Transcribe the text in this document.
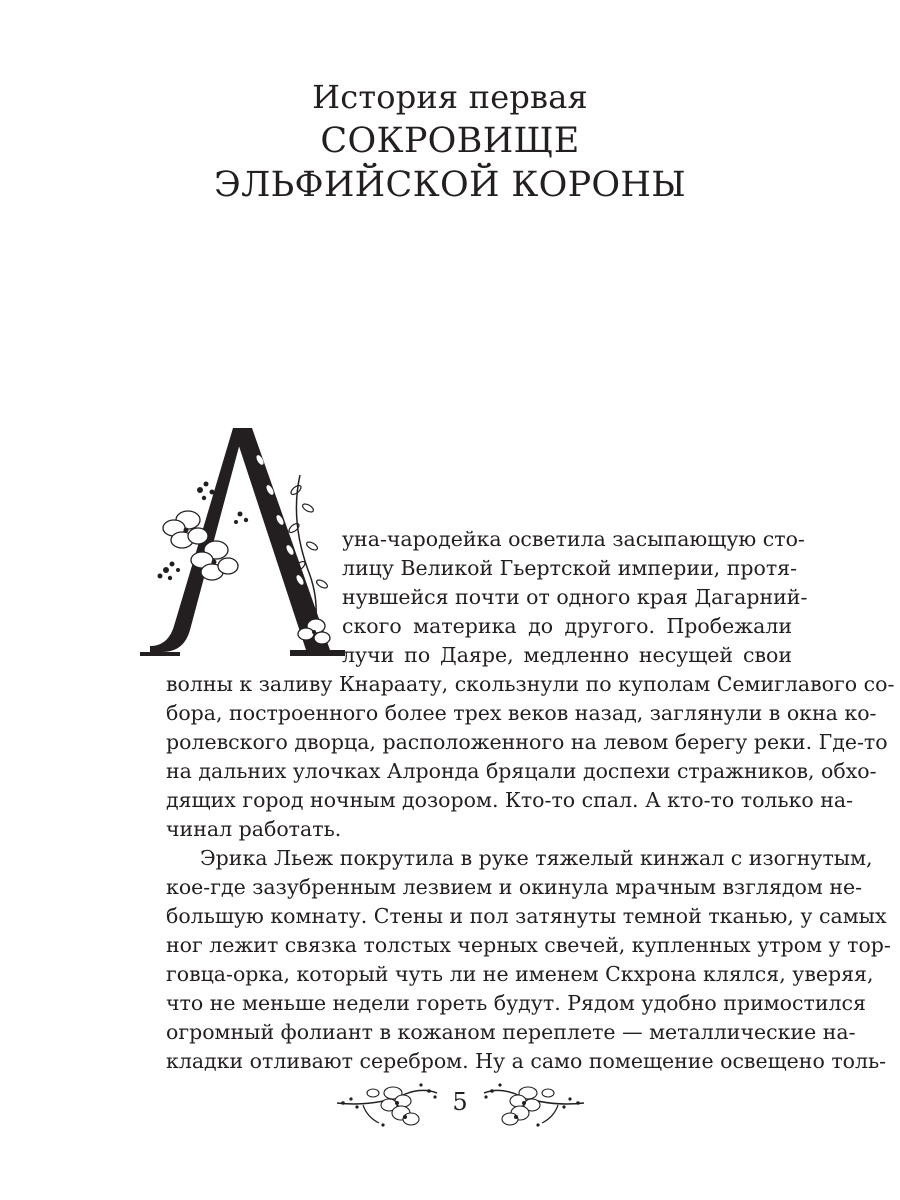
История первая
СОКРОВИЩЕ
ЭЛЬФИЙСКОЙ КОРОНЫ
уна-чародейка осветила засыпающую сто-
лицу Великой Гьертской империи, протя-
нувшейся почти от одного края Дагарний-
ского материка до другого. Пробежали
лучи по Даяре, медленно несущей свои
волны к заливу Кнараату, скользнули по куполам Семиглавого со-
бора, построенного более трех веков назад, заглянули в окна ко-
ролевского дворца, расположенного на левом берегу реки. Где-то
на дальних улочках Алронда бряцали доспехи стражников, обхо-
дящих город ночным дозором. Кто-то спал. А кто-то только на-
чинал работать.
Эрика Льеж покрутила в руке тяжелый кинжал с изогнутым,
кое-где зазубренным лезвием и окинула мрачным взглядом не-
большую комнату. Стены и пол затянуты темной тканью, у самых
ног лежит связка толстых черных свечей, купленных утром у тор-
говца-орка, который чуть ли не именем Скхрона клялся, уверяя,
что не меньше недели гореть будут. Рядом удобно примостился
огромный фолиант в кожаном переплете — металлические на-
кладки отливают серебром. Ну а само помещение освещено толь-
5
